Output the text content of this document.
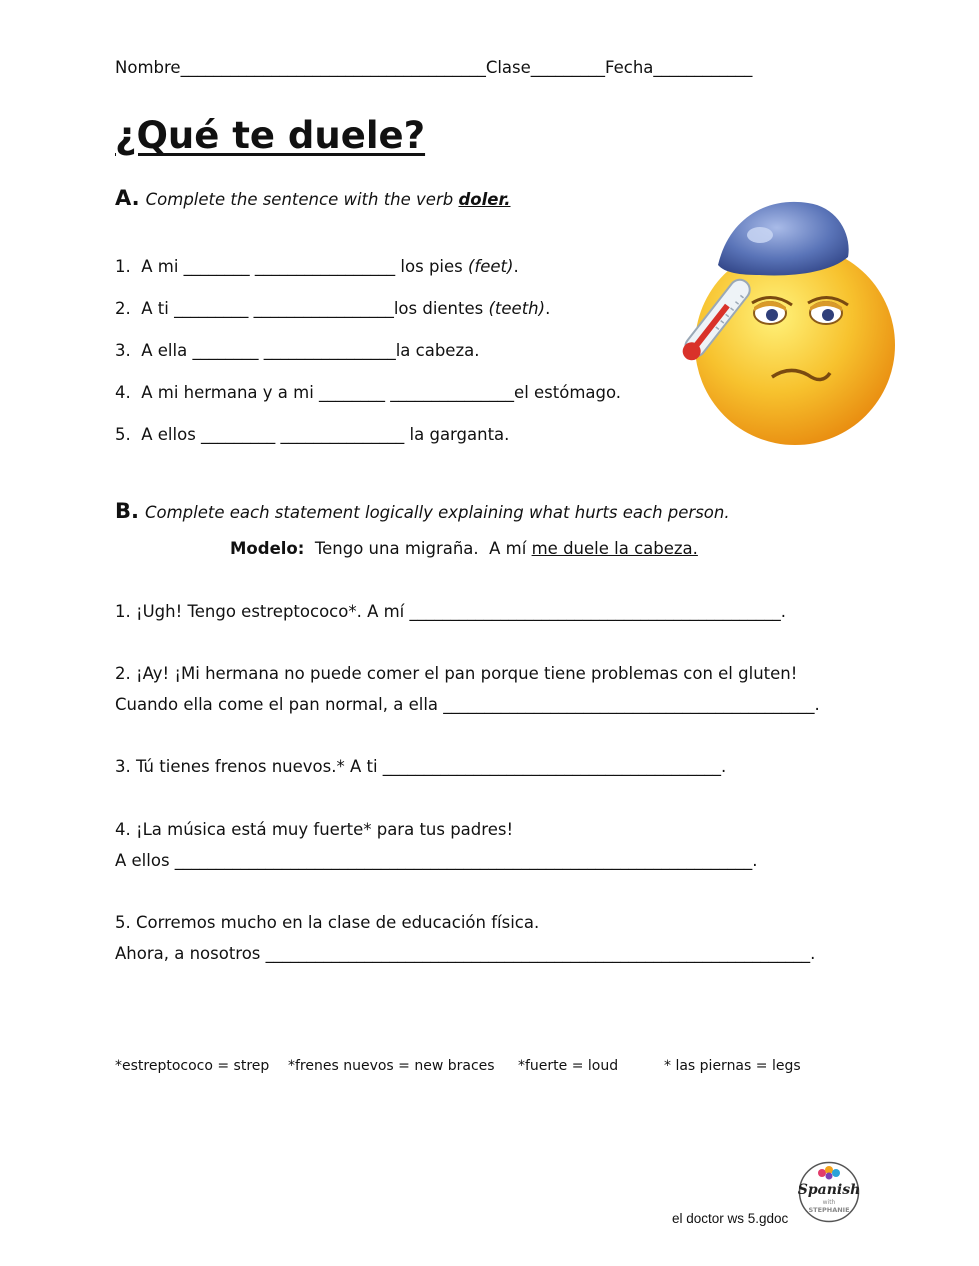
Nombre_____________________________________Clase_________Fecha____________
¿Qué te duele?
A. Complete the sentence with the verb doler.
1. A mi ________ _________________ los pies (feet).
2. A ti _________ _________________los dientes (teeth).
3. A ella ________ ________________la cabeza.
4. A mi hermana y a mi ________ _______________el estómago.
5. A ellos _________ _______________ la garganta.
B. Complete each statement logically explaining what hurts each person.
Modelo:  Tengo una migraña.  A mí me duele la cabeza.
1. ¡Ugh! Tengo estreptococo*. A mí _____________________________________________.
2. ¡Ay! ¡Mi hermana no puede comer el pan porque tiene problemas con el gluten!
Cuando ella come el pan normal, a ella _____________________________________________.
3. Tú tienes frenos nuevos.* A ti _________________________________________.
4. ¡La música está muy fuerte* para tus padres!
A ellos ______________________________________________________________________.
5. Corremos mucho en la clase de educación física.
Ahora, a nosotros __________________________________________________________________.
*estreptococo = strep *frenes nuevos = new braces *fuerte = loud	* las piernas = legs
el doctor ws 5.gdoc
Spanish
with
STEPHANIE
